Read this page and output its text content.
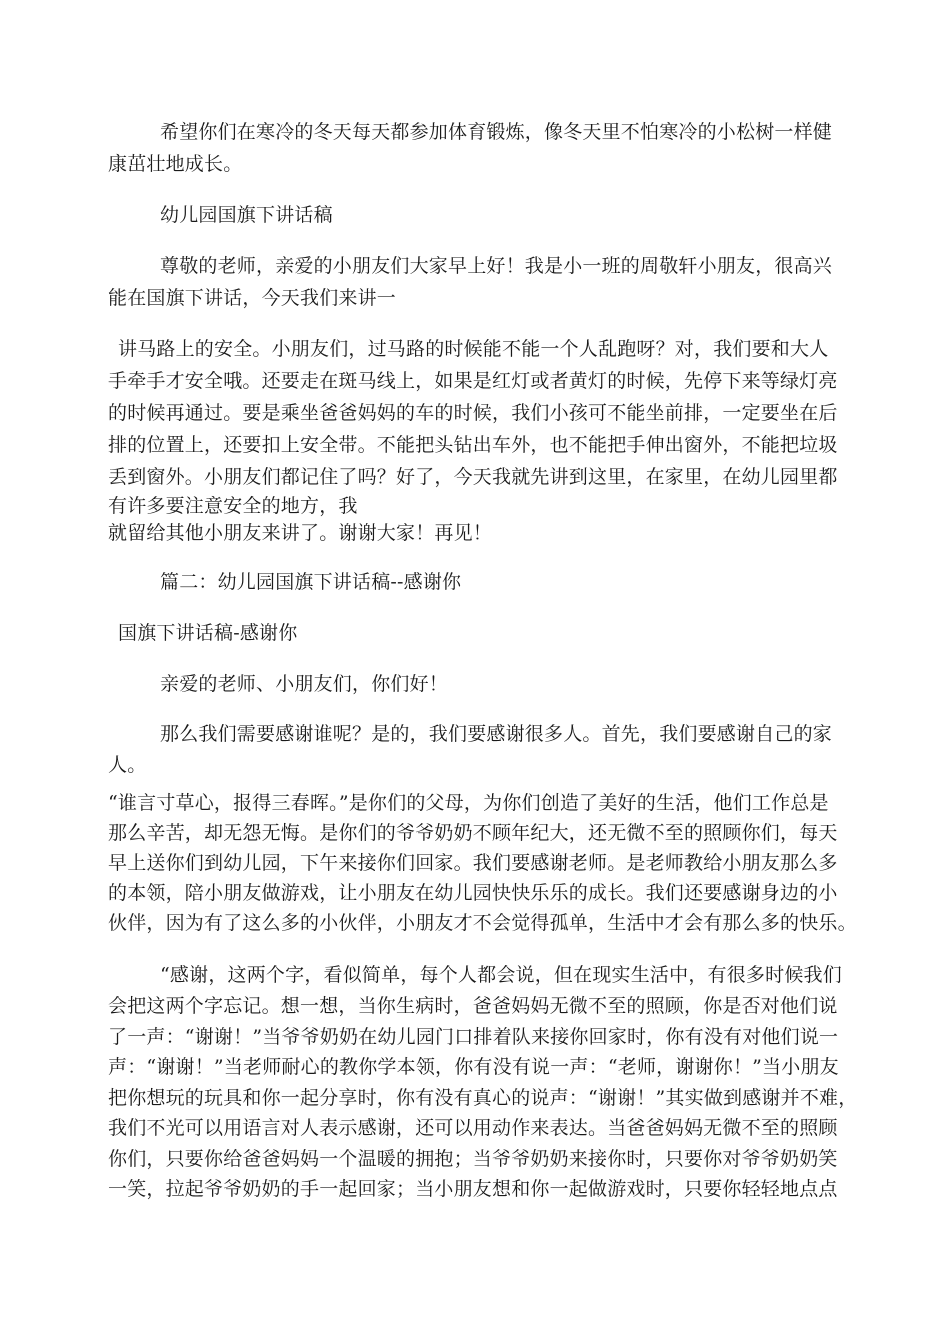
希望你们在寒冷的冬天每天都参加体育锻炼，像冬天里不怕寒冷的小松树一样健
康茁壮地成长。
幼儿园国旗下讲话稿
尊敬的老师，亲爱的小朋友们大家早上好！我是小一班的周敬轩小朋友，很高兴
能在国旗下讲话，今天我们来讲一
讲马路上的安全。小朋友们，过马路的时候能不能一个人乱跑呀？对，我们要和大人
手牵手才安全哦。还要走在斑马线上，如果是红灯或者黄灯的时候，先停下来等绿灯亮
的时候再通过。要是乘坐爸爸妈妈的车的时候，我们小孩可不能坐前排，一定要坐在后
排的位置上，还要扣上安全带。不能把头钻出车外，也不能把手伸出窗外，不能把垃圾
丢到窗外。小朋友们都记住了吗？好了，今天我就先讲到这里，在家里，在幼儿园里都
有许多要注意安全的地方，我
就留给其他小朋友来讲了。谢谢大家！再见！
篇二：幼儿园国旗下讲话稿--感谢你
国旗下讲话稿-感谢你
亲爱的老师、小朋友们，你们好！
那么我们需要感谢谁呢？是的，我们要感谢很多人。首先，我们要感谢自己的家
人。
“谁言寸草心，报得三春晖。”是你们的父母，为你们创造了美好的生活，他们工作总是
那么辛苦，却无怨无悔。是你们的爷爷奶奶不顾年纪大，还无微不至的照顾你们，每天
早上送你们到幼儿园，下午来接你们回家。我们要感谢老师。是老师教给小朋友那么多
的本领，陪小朋友做游戏，让小朋友在幼儿园快快乐乐的成长。我们还要感谢身边的小
伙伴，因为有了这么多的小伙伴，小朋友才不会觉得孤单，生活中才会有那么多的快乐。
“感谢，这两个字，看似简单，每个人都会说，但在现实生活中，有很多时候我们
会把这两个字忘记。想一想，当你生病时，爸爸妈妈无微不至的照顾，你是否对他们说
了一声：“谢谢！”当爷爷奶奶在幼儿园门口排着队来接你回家时，你有没有对他们说一
声：“谢谢！”当老师耐心的教你学本领，你有没有说一声：“老师，谢谢你！”当小朋友
把你想玩的玩具和你一起分享时，你有没有真心的说声：“谢谢！”其实做到感谢并不难，
我们不光可以用语言对人表示感谢，还可以用动作来表达。当爸爸妈妈无微不至的照顾
你们，只要你给爸爸妈妈一个温暖的拥抱；当爷爷奶奶来接你时，只要你对爷爷奶奶笑
一笑，拉起爷爷奶奶的手一起回家；当小朋友想和你一起做游戏时，只要你轻轻地点点
